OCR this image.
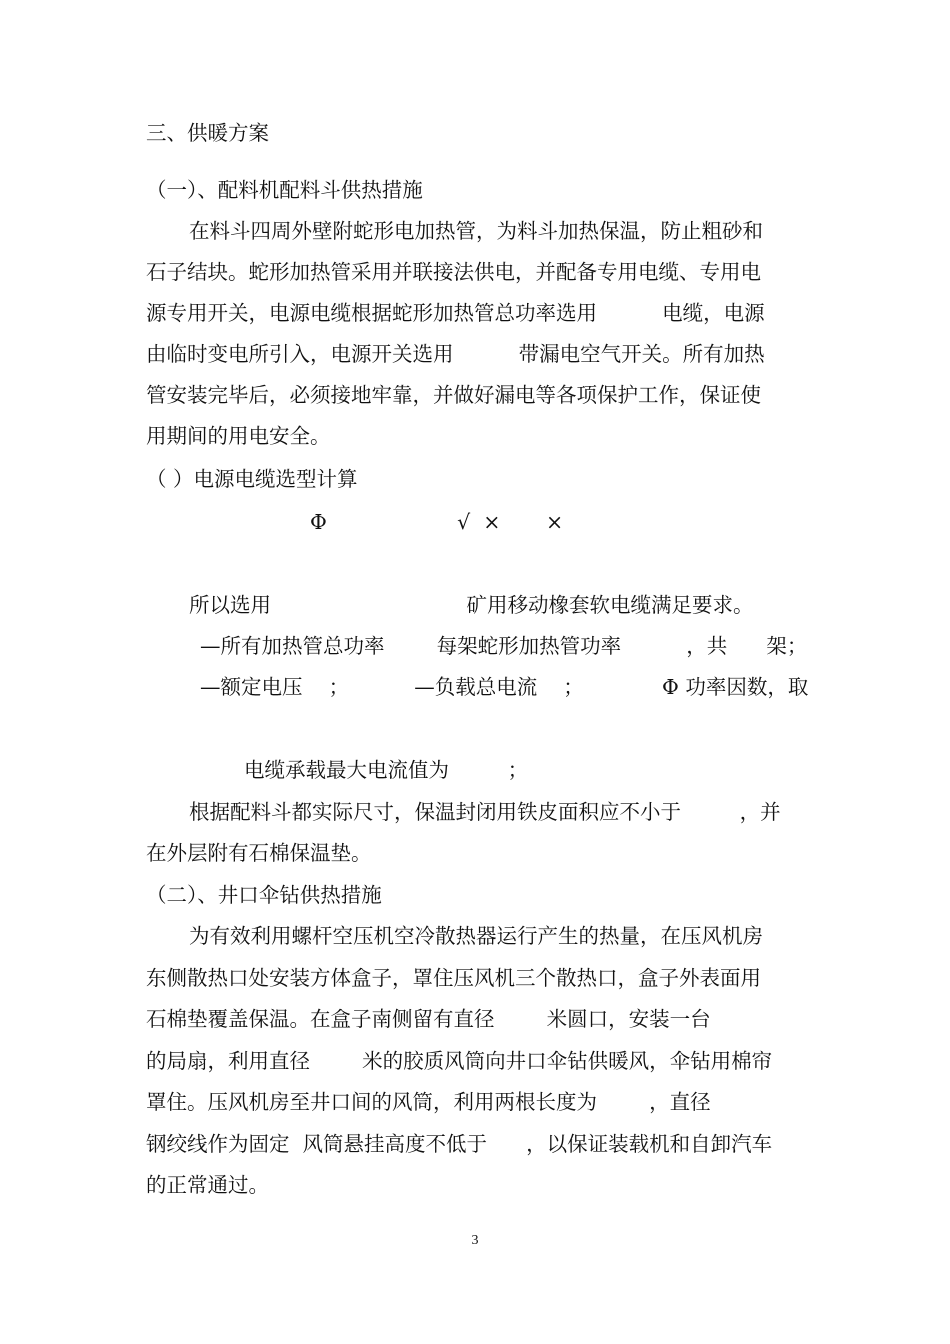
三、供暖方案
（一）、配料机配料斗供热措施
在料斗四周外壁附蛇形电加热管，为料斗加热保温，防止粗砂和
石子结块。蛇形加热管采用并联接法供电，并配备专用电缆、专用电
源专用开关，电源电缆根据蛇形加热管总功率选用          电缆，电源
由临时变电所引入，电源开关选用          带漏电空气开关。所有加热
管安装完毕后，必须接地牢靠，并做好漏电等各项保护工作，保证使
用期间的用电安全。
（ ）电源电缆选型计算
Φ                    √  ×       ×
所以选用                              矿用移动橡套软电缆满足要求。
—所有加热管总功率        每架蛇形加热管功率          ，共      架；
—额定电压    ；          —负载总电流    ；            Φ 功率因数，取
电缆承载最大电流值为         ；
根据配料斗都实际尺寸，保温封闭用铁皮面积应不小于         ，并
在外层附有石棉保温垫。
（二）、井口伞钻供热措施
为有效利用螺杆空压机空冷散热器运行产生的热量，在压风机房
东侧散热口处安装方体盒子，罩住压风机三个散热口，盒子外表面用
石棉垫覆盖保温。在盒子南侧留有直径        米圆口，安装一台
的局扇，利用直径        米的胶质风筒向井口伞钻供暖风，伞钻用棉帘
罩住。压风机房至井口间的风筒，利用两根长度为        ，直径
钢绞线作为固定  风筒悬挂高度不低于      ，以保证装载机和自卸汽车
的正常通过。
3
